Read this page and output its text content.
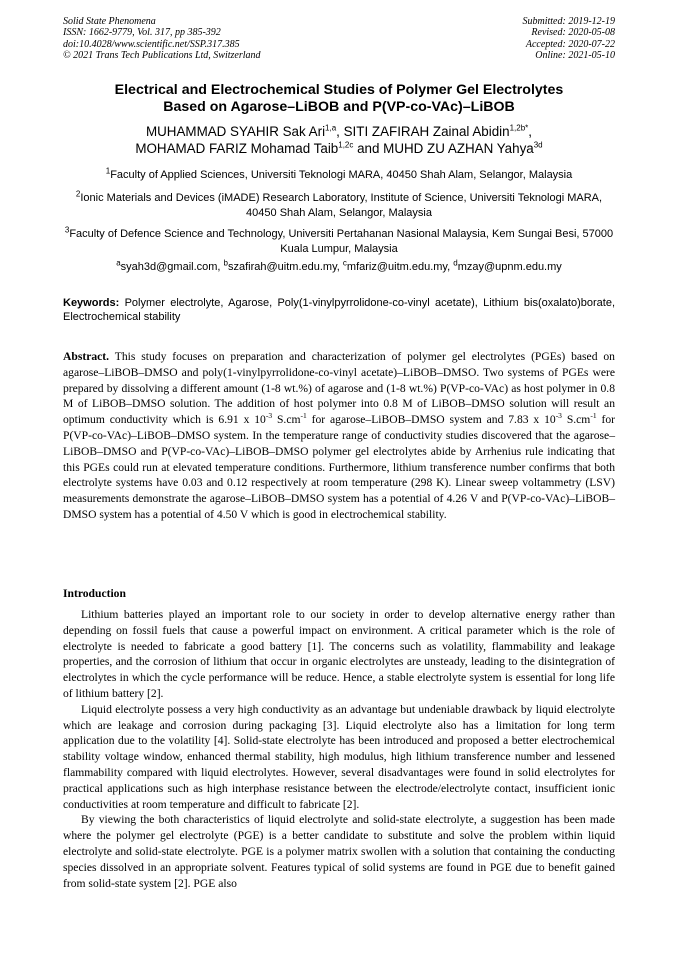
Solid State Phenomena
ISSN: 1662-9779, Vol. 317, pp 385-392
doi:10.4028/www.scientific.net/SSP.317.385
© 2021 Trans Tech Publications Ltd, Switzerland
Submitted: 2019-12-19
Revised: 2020-05-08
Accepted: 2020-07-22
Online: 2021-05-10
Electrical and Electrochemical Studies of Polymer Gel Electrolytes
Based on Agarose–LiBOB and P(VP-co-VAc)–LiBOB
MUHAMMAD SYAHIR Sak Ari$^{1,a}$, SITI ZAFIRAH Zainal Abidin$^{1,2b*}$,
MOHAMAD FARIZ Mohamad Taib$^{1,2c}$ and MUHD ZU AZHAN Yahya$^{3d}$
$^1$Faculty of Applied Sciences, Universiti Teknologi MARA, 40450 Shah Alam, Selangor, Malaysia
$^2$Ionic Materials and Devices (iMADE) Research Laboratory, Institute of Science, Universiti Teknologi MARA, 40450 Shah Alam, Selangor, Malaysia
$^3$Faculty of Defence Science and Technology, Universiti Pertahanan Nasional Malaysia, Kem Sungai Besi, 57000 Kuala Lumpur, Malaysia
$^a$syah3d@gmail.com, $^b$szafirah@uitm.edu.my, $^c$mfariz@uitm.edu.my, $^d$mzay@upnm.edu.my
Keywords: Polymer electrolyte, Agarose, Poly(1-vinylpyrrolidone-co-vinyl acetate), Lithium bis(oxalato)borate, Electrochemical stability

Abstract. This study focuses on preparation and characterization of polymer gel electrolytes (PGEs) based on agarose–LiBOB–DMSO and poly(1-vinylpyrrolidone-co-vinyl acetate)–LiBOB–DMSO. Two systems of PGEs were prepared by dissolving a different amount (1-8 wt.%) of agarose and (1-8 wt.%) P(VP-co-VAc) as host polymer in 0.8 M of LiBOB–DMSO solution. The addition of host polymer into 0.8 M of LiBOB–DMSO solution will result an optimum conductivity which is 6.91 x $10^{-3}$ $S.cm^{-1}$ for agarose–LiBOB–DMSO system and 7.83 x $10^{-3}$ $S.cm^{-1}$ for P(VP-co-VAc)–LiBOB–DMSO system. In the temperature range of conductivity studies discovered that the agarose–LiBOB–DMSO and P(VP-co-VAc)–LiBOB–DMSO polymer gel electrolytes abide by Arrhenius rule indicating that this PGEs could run at elevated temperature conditions. Furthermore, lithium transference number confirms that both electrolyte systems have 0.03 and 0.12 respectively at room temperature (298 K). Linear sweep voltammetry (LSV) measurements demonstrate the agarose–LiBOB–DMSO system has a potential of 4.26 V and P(VP-co-VAc)–LiBOB–DMSO system has a potential of 4.50 V which is good in electrochemical stability.

Introduction

Lithium batteries played an important role to our society in order to develop alternative energy rather than depending on fossil fuels that cause a powerful impact on environment. A critical parameter which is the role of electrolyte is needed to fabricate a good battery [1]. The concerns such as volatility, flammability and leakage properties, and the corrosion of lithium that occur in organic electrolytes are unsteady, leading to the disintegration of electrolytes in which the cycle performance will be reduce. Hence, a stable electrolyte system is essential for long life of lithium battery [2].

Liquid electrolyte possess a very high conductivity as an advantage but undeniable drawback by liquid electrolyte which are leakage and corrosion during packaging [3]. Liquid electrolyte also has a limitation for long term application due to the volatility [4]. Solid-state electrolyte has been introduced and proposed a better electrochemical stability voltage window, enhanced thermal stability, high modulus, high lithium transference number and lessened flammability compared with liquid electrolytes. However, several disadvantages were found in solid electrolytes for practical applications such as high interphase resistance between the electrode/electrolyte contact, insufficient ionic conductivities at room temperature and difficult to fabricate [2].

By viewing the both characteristics of liquid electrolyte and solid-state electrolyte, a suggestion has been made where the polymer gel electrolyte (PGE) is a better candidate to substitute and solve the problem within liquid electrolyte and solid-state electrolyte. PGE is a polymer matrix swollen with a solution that containing the conducting species dissolved in an appropriate solvent. Features typical of solid systems are found in PGE due to benefit gained from solid-state system [2]. PGE also
